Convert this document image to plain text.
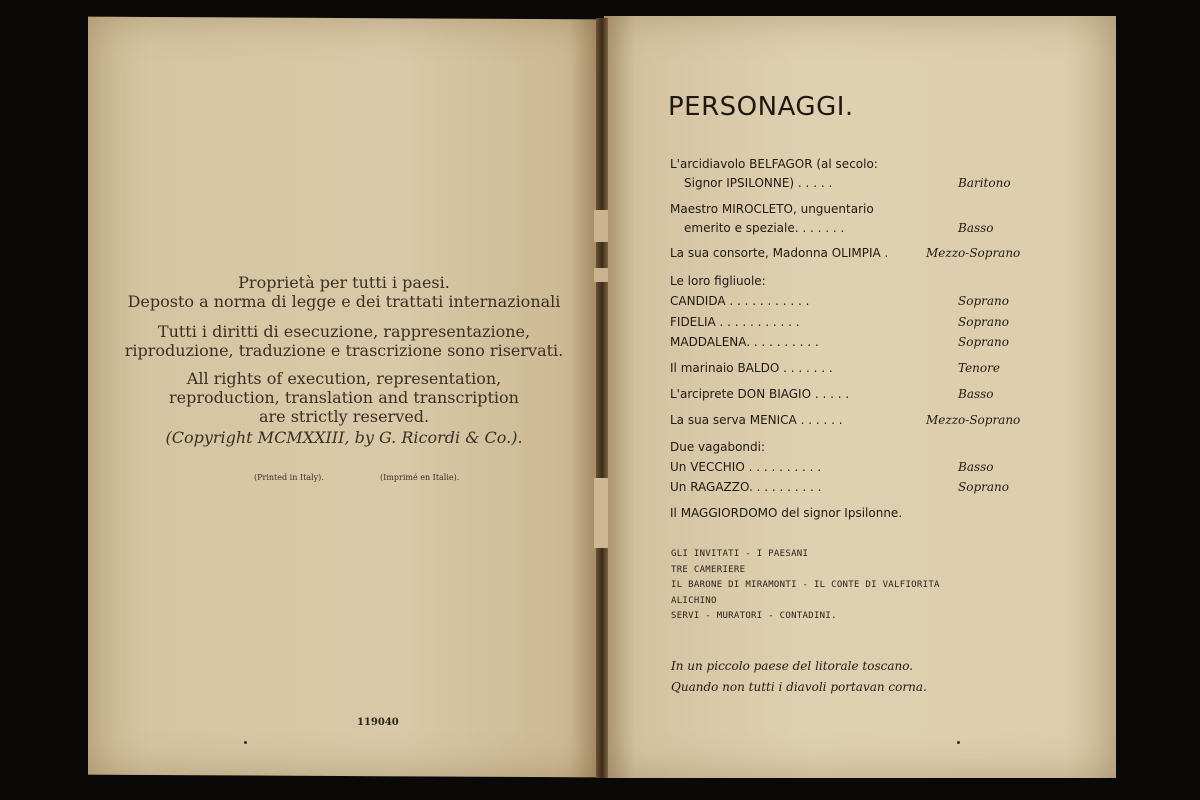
Proprietà per tutti i paesi.
Deposto a norma di legge e dei trattati internazionali
Tutti i diritti di esecuzione, rappresentazione,
riproduzione, traduzione e trascrizione sono riservati.
All rights of execution, representation,
reproduction, translation and transcription
are strictly reserved.
(Copyright MCMXXIII, by G. Ricordi & Co.).
(Printed in Italy).	(Imprimé en Italie).
119040
PERSONAGGI.
L'arcidiavolo BELFAGOR (al secolo:
Signor IPSILONNE) . . . . .	Baritono
Maestro MIROCLETO, unguentario
emerito e speziale. . . . . . .	Basso
La sua consorte, Madonna OLIMPIA .	Mezzo-Soprano
Le loro figliuole:
CANDIDA . . . . . . . . . . .	Soprano
FIDELIA . . . . . . . . . . .	Soprano
MADDALENA. . . . . . . . . .	Soprano
Il marinaio BALDO . . . . . . .	Tenore
L'arciprete DON BIAGIO . . . . .	Basso
La sua serva MENICA . . . . . .	Mezzo-Soprano
Due vagabondi:
Un VECCHIO . . . . . . . . . .	Basso
Un RAGAZZO. . . . . . . . . .	Soprano
Il MAGGIORDOMO del signor Ipsilonne.
GLI INVITATI - I PAESANI
TRE CAMERIERE
IL BARONE DI MIRAMONTI - IL CONTE DI VALFIORITA
ALICHINO
SERVI - MURATORI - CONTADINI.
In un piccolo paese del litorale toscano.
Quando non tutti i diavoli portavan corna.
